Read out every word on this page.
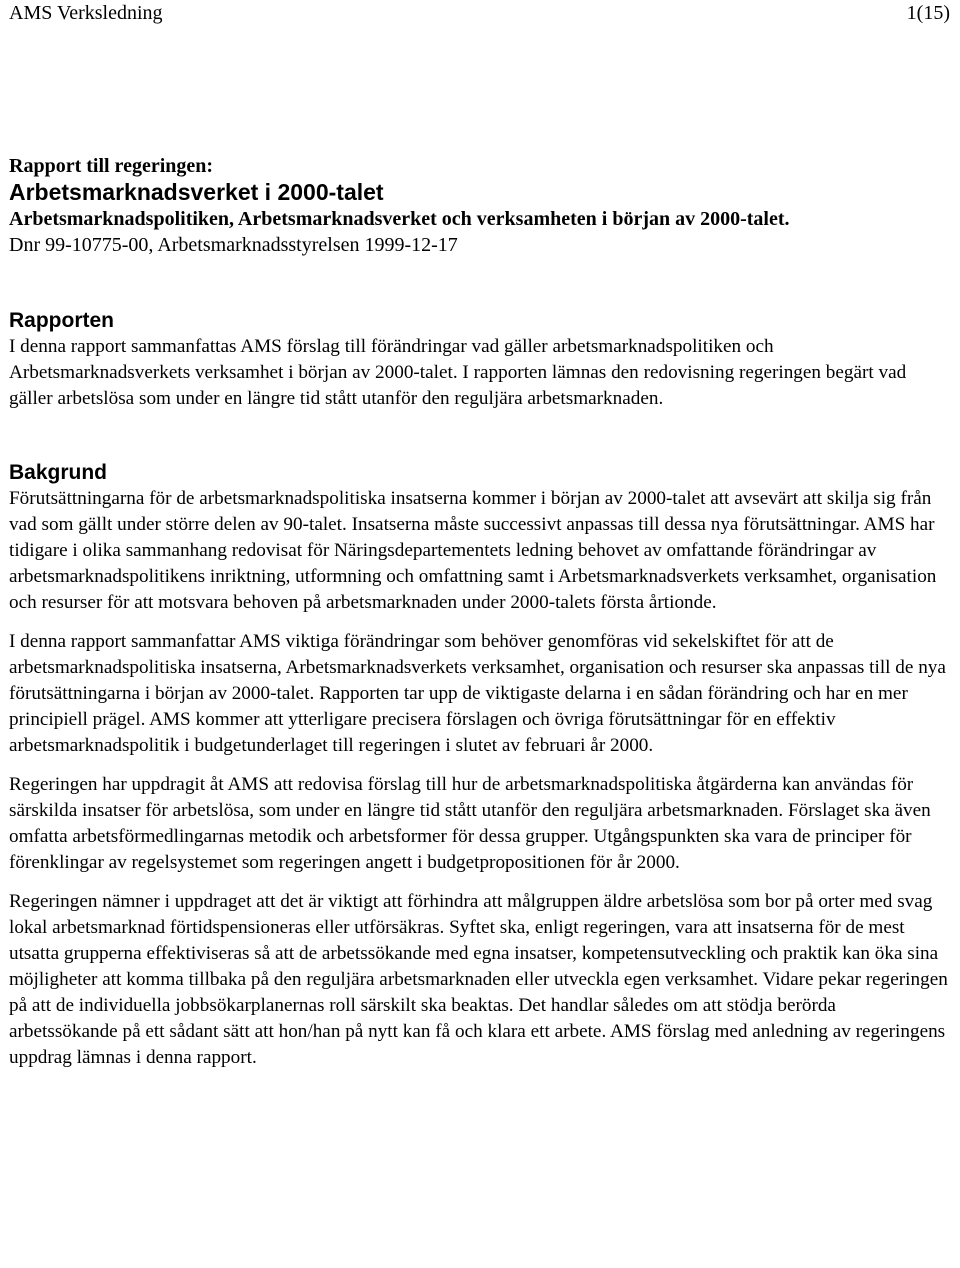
AMS Verksledning	1(15)

Rapport till regeringen:

Arbetsmarknadsverket i 2000-talet

Arbetsmarknadspolitiken, Arbetsmarknadsverket och verksamheten i början av 2000-talet.

Dnr 99-10775-00, Arbetsmarknadsstyrelsen 1999-12-17

Rapporten

I denna rapport sammanfattas AMS förslag till förändringar vad gäller arbetsmarknadspolitiken och Arbetsmarknadsverkets verksamhet i början av 2000-talet. I rapporten lämnas den redovisning regeringen begärt vad gäller arbetslösa som under en längre tid stått utanför den reguljära arbetsmarknaden.

Bakgrund

Förutsättningarna för de arbetsmarknadspolitiska insatserna kommer i början av 2000-talet att avsevärt att skilja sig från vad som gällt under större delen av 90-talet. Insatserna måste successivt anpassas till dessa nya förutsättningar. AMS har tidigare i olika sammanhang redovisat för Näringsdepartementets ledning behovet av omfattande förändringar av arbetsmarknadspolitikens inriktning, utformning och omfattning samt i Arbetsmarknadsverkets verksamhet, organisation och resurser för att motsvara behoven på arbetsmarknaden under 2000-talets första årtionde.

I denna rapport sammanfattar AMS viktiga förändringar som behöver genomföras vid sekelskiftet för att de arbetsmarknadspolitiska insatserna, Arbetsmarknadsverkets verksamhet, organisation och resurser ska anpassas till de nya förutsättningarna i början av 2000-talet. Rapporten tar upp de viktigaste delarna i en sådan förändring och har en mer principiell prägel. AMS kommer att ytterligare precisera förslagen och övriga förutsättningar för en effektiv arbetsmarknadspolitik i budgetunderlaget till regeringen i slutet av februari år 2000.

Regeringen har uppdragit åt AMS att redovisa förslag till hur de arbetsmarknadspolitiska åtgärderna kan användas för särskilda insatser för arbetslösa, som under en längre tid stått utanför den reguljära arbetsmarknaden. Förslaget ska även omfatta arbetsförmedlingarnas metodik och arbetsformer för dessa grupper. Utgångspunkten ska vara de principer för förenklingar av regelsystemet som regeringen angett i budgetpropositionen för år 2000.

Regeringen nämner i uppdraget att det är viktigt att förhindra att målgruppen äldre arbetslösa som bor på orter med svag lokal arbetsmarknad förtidspensioneras eller utförsäkras. Syftet ska, enligt regeringen, vara att insatserna för de mest utsatta grupperna effektiviseras så att de arbetssökande med egna insatser, kompetensutveckling och praktik kan öka sina möjligheter att komma tillbaka på den reguljära arbetsmarknaden eller utveckla egen verksamhet. Vidare pekar regeringen på att de individuella jobbsökarplanernas roll särskilt ska beaktas. Det handlar således om att stödja berörda arbetssökande på ett sådant sätt att hon/han på nytt kan få och klara ett arbete. AMS förslag med anledning av regeringens uppdrag lämnas i denna rapport.
